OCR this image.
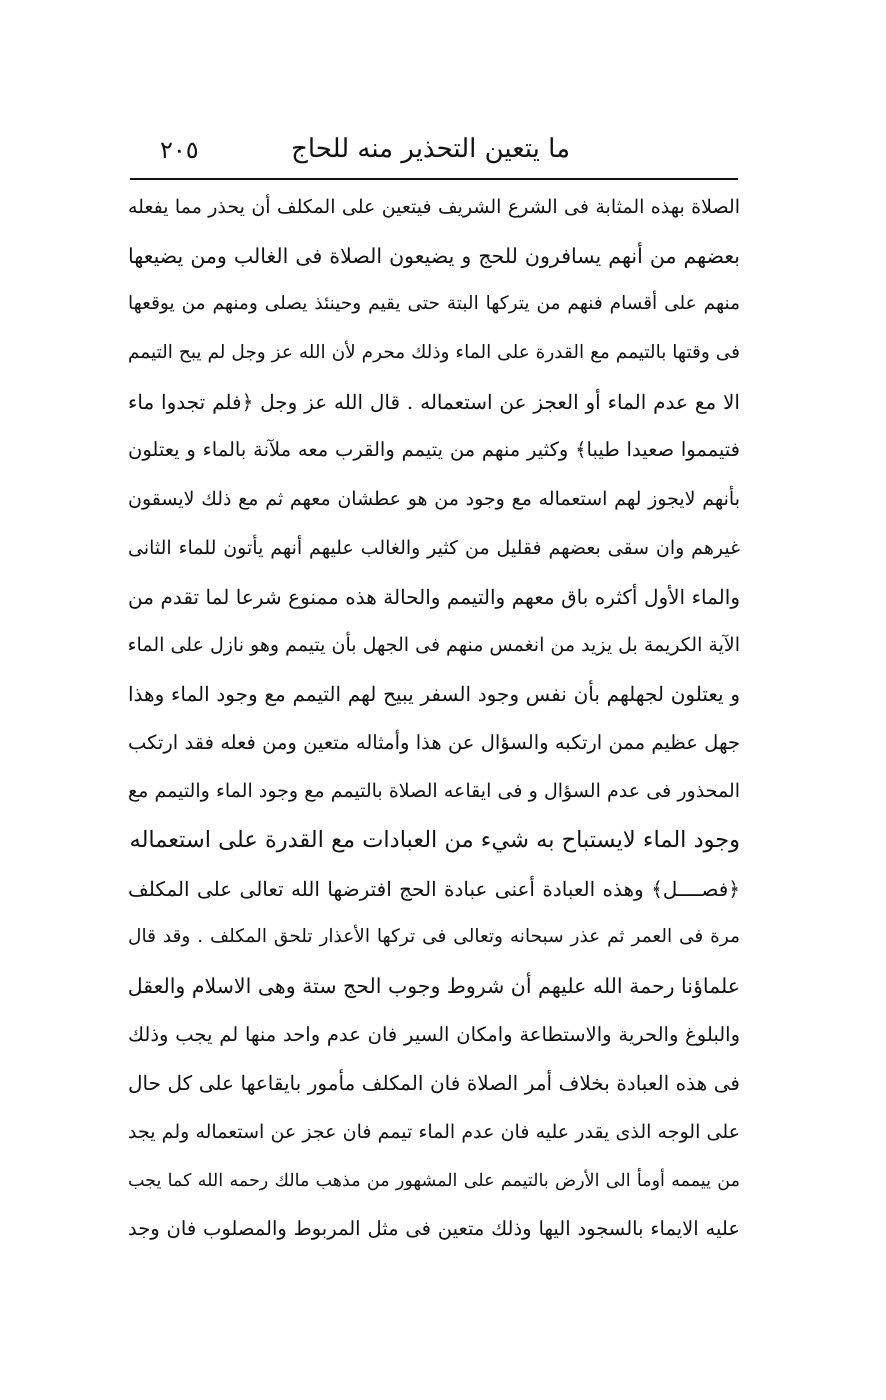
ما يتعين التحذير منه للحاج
٢٠٥
الصلاة بهذه المثابة فى الشرع الشريف فيتعين على المكلف أن يحذر مما يفعله
بعضهم من أنهم يسافرون للحج و يضيعون الصلاة فى الغالب ومن يضيعها
منهم على أقسام فنهم من يتركها البتة حتى يقيم وحينئذ يصلى ومنهم من يوقعها
فى وقتها بالتيمم مع القدرة على الماء وذلك محرم لأن الله عز وجل لم يبح التيمم
الا مع عدم الماء أو العجز عن استعماله . قال الله عز وجل ﴿فلم تجدوا ماء
فتيمموا صعيدا طيبا﴾ وكثير منهم من يتيمم والقرب معه ملآنة بالماء و يعتلون
بأنهم لايجوز لهم استعماله مع وجود من هو عطشان معهم ثم مع ذلك لايسقون
غيرهم وان سقى بعضهم فقليل من كثير والغالب عليهم أنهم يأتون للماء الثانى
والماء الأول أكثره باق معهم والتيمم والحالة هذه ممنوع شرعا لما تقدم من
الآية الكريمة بل يزيد من انغمس منهم فى الجهل بأن يتيمم وهو نازل على الماء
و يعتلون لجهلهم بأن نفس وجود السفر يبيح لهم التيمم مع وجود الماء وهذا
جهل عظيم ممن ارتكبه والسؤال عن هذا وأمثاله متعين ومن فعله فقد ارتكب
المحذور فى عدم السؤال و فى ايقاعه الصلاة بالتيمم مع وجود الماء والتيمم مع
وجود الماء لايستباح به شيء من العبادات مع القدرة على استعماله
﴿فصــــل﴾ وهذه العبادة أعنى عبادة الحج افترضها الله تعالى على المكلف
مرة فى العمر ثم عذر سبحانه وتعالى فى تركها الأعذار تلحق المكلف . وقد قال
علماؤنا رحمة الله عليهم أن شروط وجوب الحج ستة وهى الاسلام والعقل
والبلوغ والحرية والاستطاعة وامكان السير فان عدم واحد منها لم يجب وذلك
فى هذه العبادة بخلاف أمر الصلاة فان المكلف مأمور بايقاعها على كل حال
على الوجه الذى يقدر عليه فان عدم الماء تيمم فان عجز عن استعماله ولم يجد
من ييممه أومأ الى الأرض بالتيمم على المشهور من مذهب مالك رحمه الله كما يجب
عليه الايماء بالسجود اليها وذلك متعين فى مثل المربوط والمصلوب فان وجد
